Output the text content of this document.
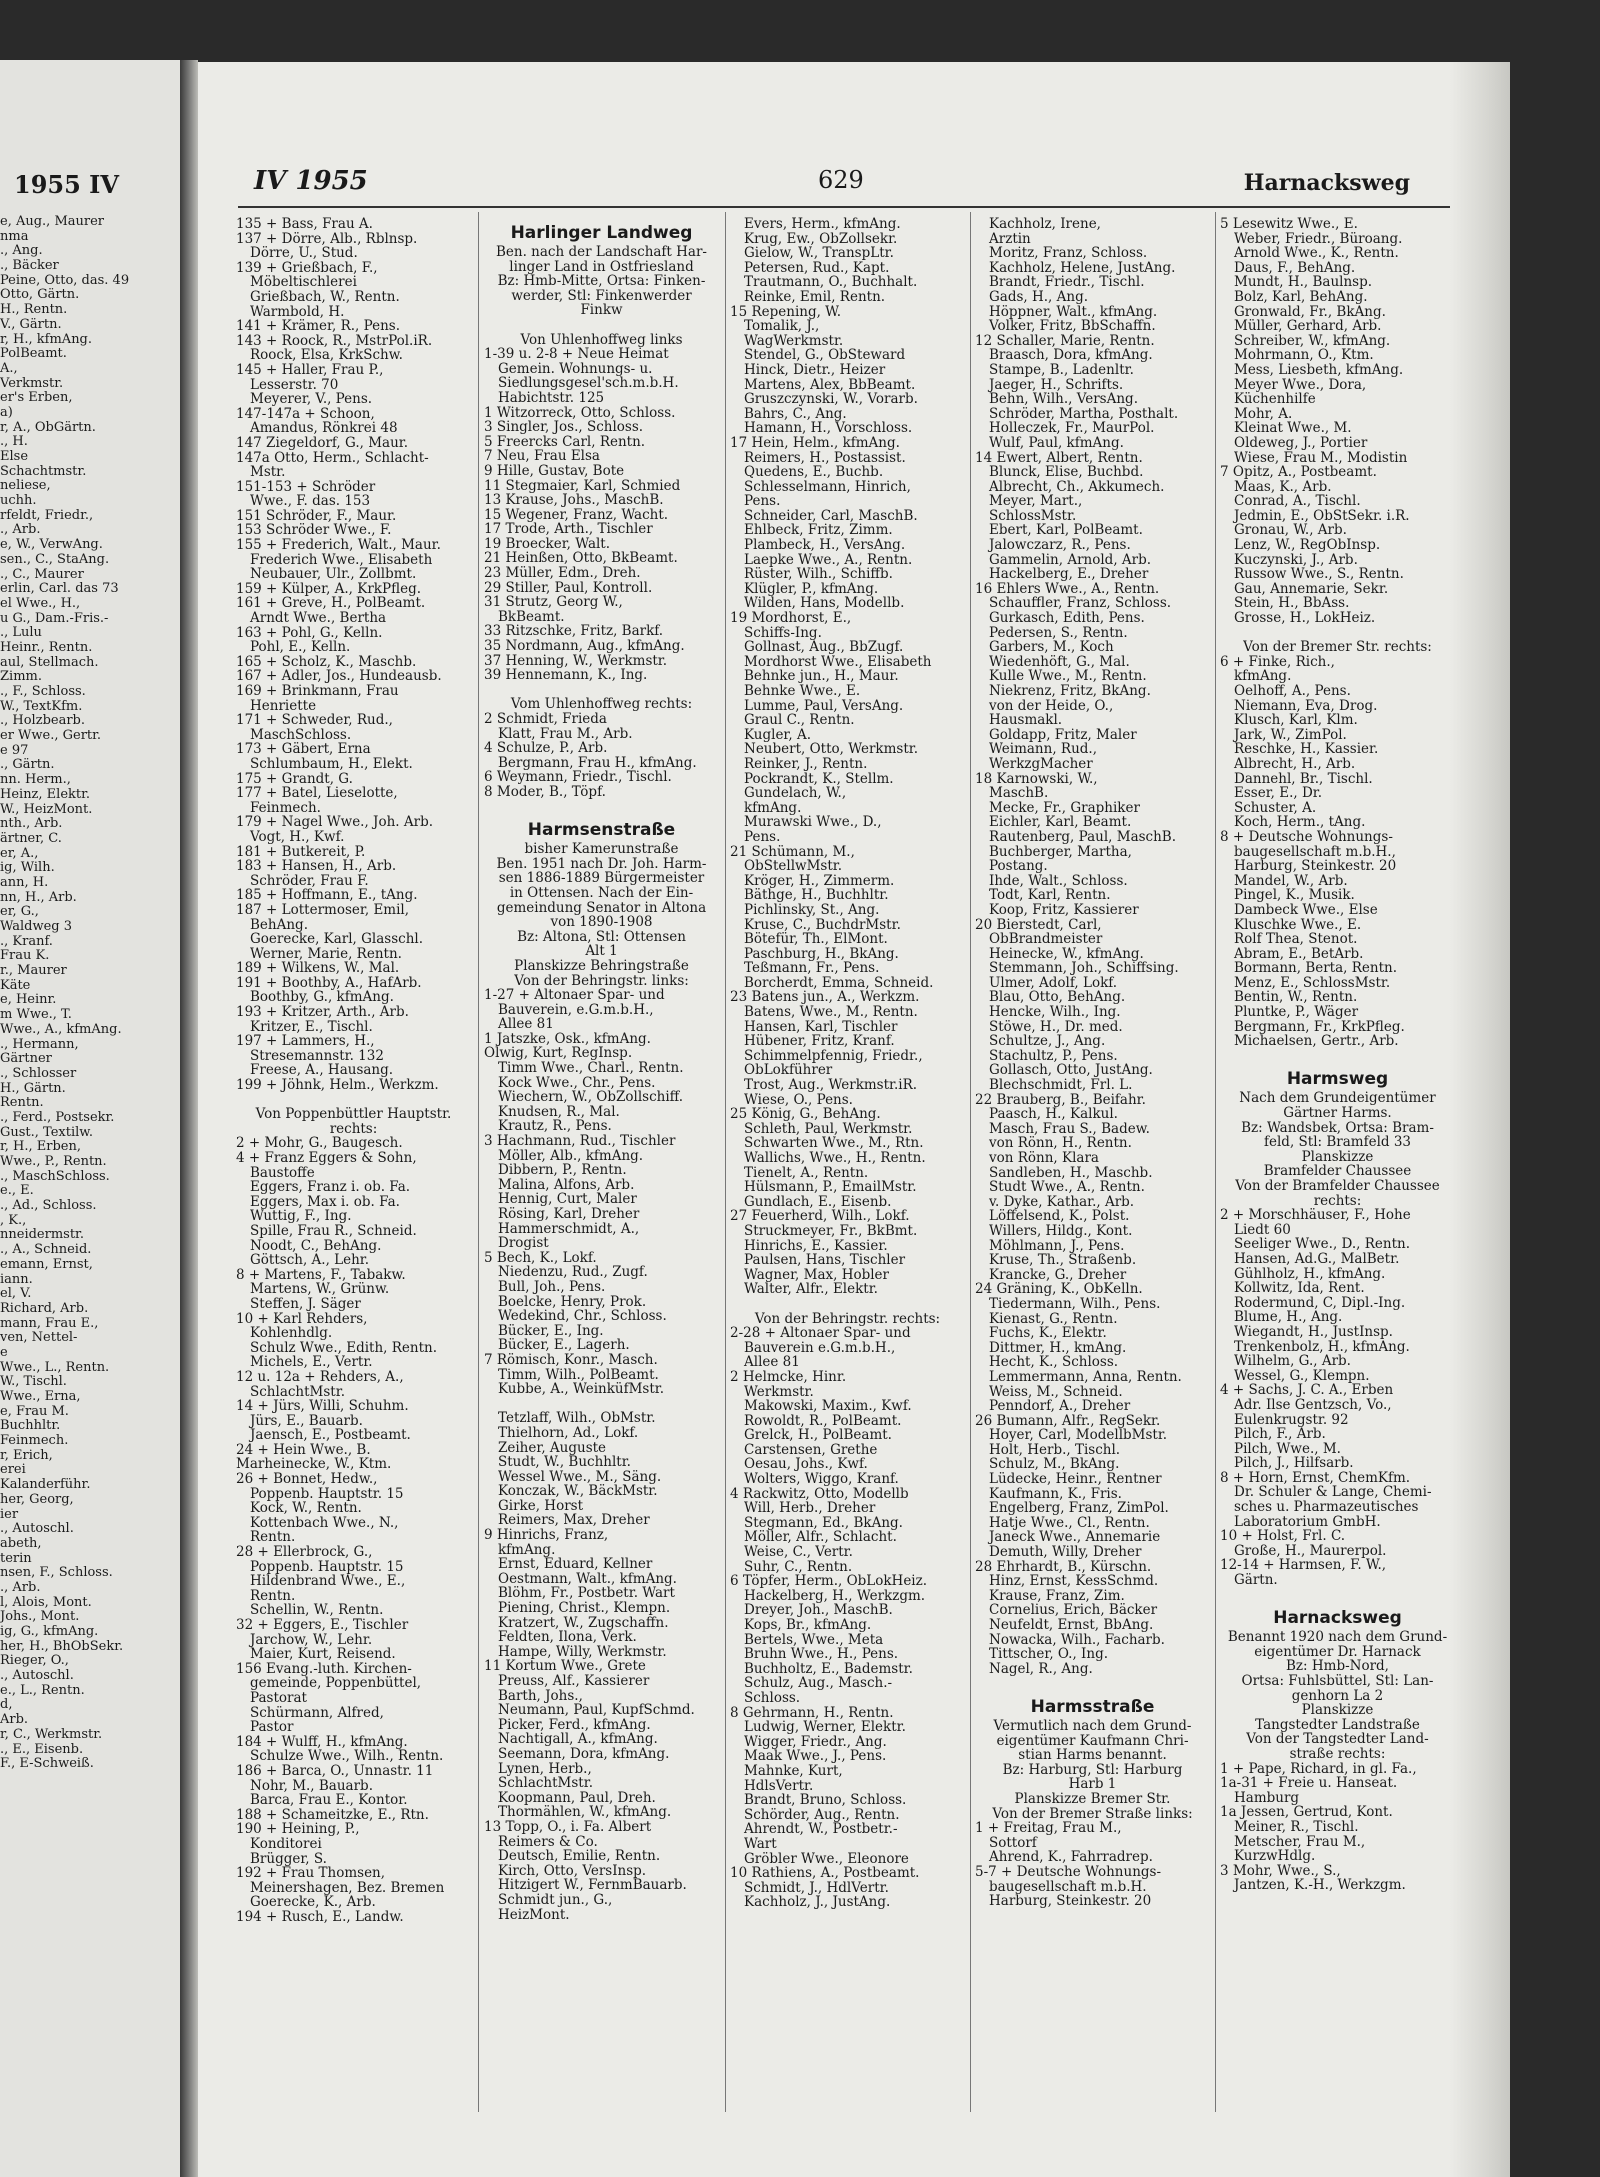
1955 IV
e, Aug., Maurer
nma
., Ang.
., Bäcker
Peine, Otto, das. 49
Otto, Gärtn.
H., Rentn.
V., Gärtn.
r, H., kfmAng.
PolBeamt.
A.,
Verkmstr.
er's Erben,
a)
r, A., ObGärtn.
., H.
Else
Schachtmstr.
neliese,
uchh.
rfeldt, Friedr.,
., Arb.
e, W., VerwAng.
sen., C., StaAng.
., C., Maurer
erlin, Carl. das 73
el Wwe., H.,
u G., Dam.-Fris.-
., Lulu
Heinr., Rentn.
aul, Stellmach.
Zimm.
., F., Schloss.
W., TextKfm.
., Holzbearb.
er Wwe., Gertr.
e 97
., Gärtn.
nn. Herm.,
Heinz, Elektr.
W., HeizMont.
nth., Arb.
ärtner, C.
er, A.,
ig, Wilh.
ann, H.
nn, H., Arb.
er, G.,
Waldweg 3
., Kranf.
Frau K.
r., Maurer
Käte
e, Heinr.
m Wwe., T.
Wwe., A., kfmAng.
., Hermann,
Gärtner
., Schlosser
H., Gärtn.
Rentn.
., Ferd., Postsekr.
Gust., Textilw.
r, H., Erben,
Wwe., P., Rentn.
., MaschSchloss.
e., E.
., Ad., Schloss.
, K.,
nneidermstr.
., A., Schneid.
emann, Ernst,
iann.
el, V.
Richard, Arb.
mann, Frau E.,
ven, Nettel-
e
Wwe., L., Rentn.
W., Tischl.
Wwe., Erna,
e, Frau M.
Buchhltr.
Feinmech.
r, Erich,
erei
Kalanderführ.
her, Georg,
ier
., Autoschl.
abeth,
terin
nsen, F., Schloss.
., Arb.
l, Alois, Mont.
Johs., Mont.
ig, G., kfmAng.
her, H., BhObSekr.
Rieger, O.,
., Autoschl.
e., L., Rentn.
d,
Arb.
r, C., Werkmstr.
., E., Eisenb.
F., E-Schweiß.
IV 1955	629	Harnacksweg
135 + Bass, Frau A.
137 + Dörre, Alb., Rblnsp.
Dörre, U., Stud.
139 + Grießbach, F.,
Möbeltischlerei
Grießbach, W., Rentn.
Warmbold, H.
141 + Krämer, R., Pens.
143 + Roock, R., MstrPol.iR.
Roock, Elsa, KrkSchw.
145 + Haller, Frau P.,
Lesserstr. 70
Meyerer, V., Pens.
147-147a + Schoon,
Amandus, Rönkrei 48
147 Ziegeldorf, G., Maur.
147a Otto, Herm., Schlacht-
Mstr.
151-153 + Schröder
Wwe., F. das. 153
151 Schröder, F., Maur.
153 Schröder Wwe., F.
155 + Frederich, Walt., Maur.
Frederich Wwe., Elisabeth
Neubauer, Ulr., Zollbmt.
159 + Külper, A., KrkPfleg.
161 + Greve, H., PolBeamt.
Arndt Wwe., Bertha
163 + Pohl, G., Kelln.
Pohl, E., Kelln.
165 + Scholz, K., Maschb.
167 + Adler, Jos., Hundeausb.
169 + Brinkmann, Frau
Henriette
171 + Schweder, Rud.,
MaschSchloss.
173 + Gäbert, Erna
Schlumbaum, H., Elekt.
175 + Grandt, G.
177 + Batel, Lieselotte,
Feinmech.
179 + Nagel Wwe., Joh. Arb.
Vogt, H., Kwf.
181 + Butkereit, P.
183 + Hansen, H., Arb.
Schröder, Frau F.
185 + Hoffmann, E., tAng.
187 + Lottermoser, Emil,
BehAng.
Goerecke, Karl, Glasschl.
Werner, Marie, Rentn.
189 + Wilkens, W., Mal.
191 + Boothby, A., HafArb.
Boothby, G., kfmAng.
193 + Kritzer, Arth., Arb.
Kritzer, E., Tischl.
197 + Lammers, H.,
Stresemannstr. 132
Freese, A., Hausang.
199 + Jöhnk, Helm., Werkzm.

Von Poppenbüttler Hauptstr.
rechts:
2 + Mohr, G., Baugesch.
4 + Franz Eggers & Sohn,
Baustoffe
Eggers, Franz i. ob. Fa.
Eggers, Max i. ob. Fa.
Wuttig, F., Ing.
Spille, Frau R., Schneid.
Noodt, C., BehAng.
Göttsch, A., Lehr.
8 + Martens, F., Tabakw.
Martens, W., Grünw.
Steffen, J. Säger
10 + Karl Rehders,
Kohlenhdlg.
Schulz Wwe., Edith, Rentn.
Michels, E., Vertr.
12 u. 12a + Rehders, A.,
SchlachtMstr.
14 + Jürs, Willi, Schuhm.
Jürs, E., Bauarb.
Jaensch, E., Postbeamt.
24 + Hein Wwe., B.
Marheinecke, W., Ktm.
26 + Bonnet, Hedw.,
Poppenb. Hauptstr. 15
Kock, W., Rentn.
Kottenbach Wwe., N.,
Rentn.
28 + Ellerbrock, G.,
Poppenb. Hauptstr. 15
Hildenbrand Wwe., E.,
Rentn.
Schellin, W., Rentn.
32 + Eggers, E., Tischler
Jarchow, W., Lehr.
Maier, Kurt, Reisend.
156 Evang.-luth. Kirchen-
gemeinde, Poppenbüttel,
Pastorat
Schürmann, Alfred,
Pastor
184 + Wulff, H., kfmAng.
Schulze Wwe., Wilh., Rentn.
186 + Barca, O., Unnastr. 11
Nohr, M., Bauarb.
Barca, Frau E., Kontor.
188 + Schameitzke, E., Rtn.
190 + Heining, P.,
Konditorei
Brügger, S.
192 + Frau Thomsen,
Meinershagen, Bez. Bremen
Goerecke, K., Arb.
194 + Rusch, E., Landw.
Harlinger Landweg
Ben. nach der Landschaft Har-
linger Land in Ostfriesland
Bz: Hmb-Mitte, Ortsa: Finken-
werder, Stl: Finkenwerder
Finkw

Von Uhlenhoffweg links
1-39 u. 2-8 + Neue Heimat
Gemein. Wohnungs- u.
Siedlungsgesel'sch.m.b.H.
Habichtstr. 125
1 Witzorreck, Otto, Schloss.
3 Singler, Jos., Schloss.
5 Freercks Carl, Rentn.
7 Neu, Frau Elsa
9 Hille, Gustav, Bote
11 Stegmaier, Karl, Schmied
13 Krause, Johs., MaschB.
15 Wegener, Franz, Wacht.
17 Trode, Arth., Tischler
19 Broecker, Walt.
21 Heinßen, Otto, BkBeamt.
23 Müller, Edm., Dreh.
29 Stiller, Paul, Kontroll.
31 Strutz, Georg W.,
BkBeamt.
33 Ritzschke, Fritz, Barkf.
35 Nordmann, Aug., kfmAng.
37 Henning, W., Werkmstr.
39 Hennemann, K., Ing.

Vom Uhlenhoffweg rechts:
2 Schmidt, Frieda
Klatt, Frau M., Arb.
4 Schulze, P., Arb.
Bergmann, Frau H., kfmAng.
6 Weymann, Friedr., Tischl.
8 Moder, B., Töpf.

Harmsenstraße
bisher Kamerunstraße
Ben. 1951 nach Dr. Joh. Harm-
sen 1886-1889 Bürgermeister
in Ottensen. Nach der Ein-
gemeindung Senator in Altona
von 1890-1908
Bz: Altona, Stl: Ottensen
Alt 1
Planskizze Behringstraße
Von der Behringstr. links:
1-27 + Altonaer Spar- und
Bauverein, e.G.m.b.H.,
Allee 81
1 Jatszke, Osk., kfmAng.
Olwig, Kurt, RegInsp.
Timm Wwe., Charl., Rentn.
Kock Wwe., Chr., Pens.
Wiechern, W., ObZollschiff.
Knudsen, R., Mal.
Krautz, R., Pens.
3 Hachmann, Rud., Tischler
Möller, Alb., kfmAng.
Dibbern, P., Rentn.
Malina, Alfons, Arb.
Hennig, Curt, Maler
Rösing, Karl, Dreher
Hammerschmidt, A.,
Drogist
5 Bech, K., Lokf.
Niedenzu, Rud., Zugf.
Bull, Joh., Pens.
Boelcke, Henry, Prok.
Wedekind, Chr., Schloss.
Bücker, E., Ing.
Bücker, E., Lagerh.
7 Römisch, Konr., Masch.
Timm, Wilh., PolBeamt.
Kubbe, A., WeinküfMstr.

Tetzlaff, Wilh., ObMstr.
Thielhorn, Ad., Lokf.
Zeiher, Auguste
Studt, W., Buchhltr.
Wessel Wwe., M., Säng.
Konczak, W., BäckMstr.
Girke, Horst
Reimers, Max, Dreher
9 Hinrichs, Franz,
kfmAng.
Ernst, Eduard, Kellner
Oestmann, Walt., kfmAng.
Blöhm, Fr., Postbetr. Wart
Piening, Christ., Klempn.
Kratzert, W., Zugschaffn.
Feldten, Ilona, Verk.
Hampe, Willy, Werkmstr.
11 Kortum Wwe., Grete
Preuss, Alf., Kassierer
Barth, Johs.,
Neumann, Paul, KupfSchmd.
Picker, Ferd., kfmAng.
Nachtigall, A., kfmAng.
Seemann, Dora, kfmAng.
Lynen, Herb.,
SchlachtMstr.
Koopmann, Paul, Dreh.
Thormählen, W., kfmAng.
13 Topp, O., i. Fa. Albert
Reimers & Co.
Deutsch, Emilie, Rentn.
Kirch, Otto, VersInsp.
Hitzigert W., FernmBauarb.
Schmidt jun., G.,
HeizMont.
Evers, Herm., kfmAng.
Krug, Ew., ObZollsekr.
Gielow, W., TranspLtr.
Petersen, Rud., Kapt.
Trautmann, O., Buchhalt.
Reinke, Emil, Rentn.
15 Repening, W.
Tomalik, J.,
WagWerkmstr.
Stendel, G., ObSteward
Hinck, Dietr., Heizer
Martens, Alex, BbBeamt.
Gruszczynski, W., Vorarb.
Bahrs, C., Ang.
Hamann, H., Vorschloss.
17 Hein, Helm., kfmAng.
Reimers, H., Postassist.
Quedens, E., Buchb.
Schlesselmann, Hinrich,
Pens.
Schneider, Carl, MaschB.
Ehlbeck, Fritz, Zimm.
Plambeck, H., VersAng.
Laepke Wwe., A., Rentn.
Rüster, Wilh., Schiffb.
Klügler, P., kfmAng.
Wilden, Hans, Modellb.
19 Mordhorst, E.,
Schiffs-Ing.
Gollnast, Aug., BbZugf.
Mordhorst Wwe., Elisabeth
Behnke jun., H., Maur.
Behnke Wwe., E.
Lumme, Paul, VersAng.
Graul C., Rentn.
Kugler, A.
Neubert, Otto, Werkmstr.
Reinker, J., Rentn.
Pockrandt, K., Stellm.
Gundelach, W.,
kfmAng.
Murawski Wwe., D.,
Pens.
21 Schümann, M.,
ObStellwMstr.
Kröger, H., Zimmerm.
Bäthge, H., Buchhltr.
Pichlinsky, St., Ang.
Kruse, C., BuchdrMstr.
Bötefür, Th., ElMont.
Paschburg, H., BkAng.
Teßmann, Fr., Pens.
Borcherdt, Emma, Schneid.
23 Batens jun., A., Werkzm.
Batens, Wwe., M., Rentn.
Hansen, Karl, Tischler
Hübener, Fritz, Kranf.
Schimmelpfennig, Friedr.,
ObLokführer
Trost, Aug., Werkmstr.iR.
Wiese, O., Pens.
25 König, G., BehAng.
Schleth, Paul, Werkmstr.
Schwarten Wwe., M., Rtn.
Wallichs, Wwe., H., Rentn.
Tienelt, A., Rentn.
Hülsmann, P., EmailMstr.
Gundlach, E., Eisenb.
27 Feuerherd, Wilh., Lokf.
Struckmeyer, Fr., BkBmt.
Hinrichs, E., Kassier.
Paulsen, Hans, Tischler
Wagner, Max, Hobler
Walter, Alfr., Elektr.

Von der Behringstr. rechts:
2-28 + Altonaer Spar- und
Bauverein e.G.m.b.H.,
Allee 81
2 Helmcke, Hinr.
Werkmstr.
Makowski, Maxim., Kwf.
Rowoldt, R., PolBeamt.
Grelck, H., PolBeamt.
Carstensen, Grethe
Oesau, Johs., Kwf.
Wolters, Wiggo, Kranf.
4 Rackwitz, Otto, Modellb
Will, Herb., Dreher
Stegmann, Ed., BkAng.
Möller, Alfr., Schlacht.
Weise, C., Vertr.
Suhr, C., Rentn.
6 Töpfer, Herm., ObLokHeiz.
Hackelberg, H., Werkzgm.
Dreyer, Joh., MaschB.
Kops, Br., kfmAng.
Bertels, Wwe., Meta
Bruhn Wwe., H., Pens.
Buchholtz, E., Bademstr.
Schulz, Aug., Masch.-
Schloss.
8 Gehrmann, H., Rentn.
Ludwig, Werner, Elektr.
Wigger, Friedr., Ang.
Maak Wwe., J., Pens.
Mahnke, Kurt,
HdlsVertr.
Brandt, Bruno, Schloss.
Schörder, Aug., Rentn.
Ahrendt, W., Postbetr.-
Wart
Gröbler Wwe., Eleonore
10 Rathiens, A., Postbeamt.
Schmidt, J., HdlVertr.
Kachholz, J., JustAng.
Kachholz, Irene,
Ärztin
Moritz, Franz, Schloss.
Kachholz, Helene, JustAng.
Brandt, Friedr., Tischl.
Gads, H., Ang.
Höppner, Walt., kfmAng.
Volker, Fritz, BbSchaffn.
12 Schaller, Marie, Rentn.
Braasch, Dora, kfmAng.
Stampe, B., Ladenltr.
Jaeger, H., Schrifts.
Behn, Wilh., VersAng.
Schröder, Martha, Posthalt.
Holleczek, Fr., MaurPol.
Wulf, Paul, kfmAng.
14 Ewert, Albert, Rentn.
Blunck, Elise, Buchbd.
Albrecht, Ch., Akkumech.
Meyer, Mart.,
SchlossMstr.
Ebert, Karl, PolBeamt.
Jalowczarz, R., Pens.
Gammelin, Arnold, Arb.
Hackelberg, E., Dreher
16 Ehlers Wwe., A., Rentn.
Schauffler, Franz, Schloss.
Gurkasch, Edith, Pens.
Pedersen, S., Rentn.
Garbers, M., Koch
Wiedenhöft, G., Mal.
Kulle Wwe., M., Rentn.
Niekrenz, Fritz, BkAng.
von der Heide, O.,
Hausmakl.
Goldapp, Fritz, Maler
Weimann, Rud.,
WerkzgMacher
18 Karnowski, W.,
MaschB.
Mecke, Fr., Graphiker
Eichler, Karl, Beamt.
Rautenberg, Paul, MaschB.
Buchberger, Martha,
Postang.
Ihde, Walt., Schloss.
Todt, Karl, Rentn.
Koop, Fritz, Kassierer
20 Bierstedt, Carl,
ObBrandmeister
Heinecke, W., kfmAng.
Stemmann, Joh., Schiffsing.
Ulmer, Adolf, Lokf.
Blau, Otto, BehAng.
Hencke, Wilh., Ing.
Stöwe, H., Dr. med.
Schultze, J., Ang.
Stachultz, P., Pens.
Gollasch, Otto, JustAng.
Blechschmidt, Frl. L.
22 Brauberg, B., Beifahr.
Paasch, H., Kalkul.
Masch, Frau S., Badew.
von Rönn, H., Rentn.
von Rönn, Klara
Sandleben, H., Maschb.
Studt Wwe., A., Rentn.
v. Dyke, Kathar., Arb.
Löffelsend, K., Polst.
Willers, Hildg., Kont.
Möhlmann, J., Pens.
Kruse, Th., Straßenb.
Krancke, G., Dreher
24 Gräning, K., ObKelln.
Tiedermann, Wilh., Pens.
Kienast, G., Rentn.
Fuchs, K., Elektr.
Dittmer, H., kmAng.
Hecht, K., Schloss.
Lemmermann, Anna, Rentn.
Weiss, M., Schneid.
Penndorf, A., Dreher
26 Bumann, Alfr., RegSekr.
Hoyer, Carl, ModellbMstr.
Holt, Herb., Tischl.
Schulz, M., BkAng.
Lüdecke, Heinr., Rentner
Kaufmann, K., Fris.
Engelberg, Franz, ZimPol.
Hatje Wwe., Cl., Rentn.
Janeck Wwe., Annemarie
Demuth, Willy, Dreher
28 Ehrhardt, B., Kürschn.
Hinz, Ernst, KessSchmd.
Krause, Franz, Zim.
Cornelius, Erich, Bäcker
Neufeldt, Ernst, BbAng.
Nowacka, Wilh., Facharb.
Tittscher, O., Ing.
Nagel, R., Ang.

Harmsstraße
Vermutlich nach dem Grund-
eigentümer Kaufmann Chri-
stian Harms benannt.
Bz: Harburg, Stl: Harburg
Harb 1
Planskizze Bremer Str.
Von der Bremer Straße links:
1 + Freitag, Frau M.,
Sottorf
Ahrend, K., Fahrradrep.
5-7 + Deutsche Wohnungs-
baugesellschaft m.b.H.
Harburg, Steinkestr. 20
5 Lesewitz Wwe., E.
Weber, Friedr., Büroang.
Arnold Wwe., K., Rentn.
Daus, F., BehAng.
Mundt, H., Baulnsp.
Bolz, Karl, BehAng.
Gronwald, Fr., BkAng.
Müller, Gerhard, Arb.
Schreiber, W., kfmAng.
Mohrmann, O., Ktm.
Mess, Liesbeth, kfmAng.
Meyer Wwe., Dora,
Küchenhilfe
Mohr, A.
Kleinat Wwe., M.
Oldeweg, J., Portier
Wiese, Frau M., Modistin
7 Opitz, A., Postbeamt.
Maas, K., Arb.
Conrad, A., Tischl.
Jedmin, E., ObStSekr. i.R.
Gronau, W., Arb.
Lenz, W., RegObInsp.
Kuczynski, J., Arb.
Russow Wwe., S., Rentn.
Gau, Annemarie, Sekr.
Stein, H., BbAss.
Grosse, H., LokHeiz.

Von der Bremer Str. rechts:
6 + Finke, Rich.,
kfmAng.
Oelhoff, A., Pens.
Niemann, Eva, Drog.
Klusch, Karl, Klm.
Jark, W., ZimPol.
Reschke, H., Kassier.
Albrecht, H., Arb.
Dannehl, Br., Tischl.
Esser, E., Dr.
Schuster, A.
Koch, Herm., tAng.
8 + Deutsche Wohnungs-
baugesellschaft m.b.H.,
Harburg, Steinkestr. 20
Mandel, W., Arb.
Pingel, K., Musik.
Dambeck Wwe., Else
Kluschke Wwe., E.
Rolf Thea, Stenot.
Abram, E., BetArb.
Bormann, Berta, Rentn.
Menz, E., SchlossMstr.
Bentin, W., Rentn.
Pluntke, P., Wäger
Bergmann, Fr., KrkPfleg.
Michaelsen, Gertr., Arb.

Harmsweg
Nach dem Grundeigentümer
Gärtner Harms.
Bz: Wandsbek, Ortsa: Bram-
feld, Stl: Bramfeld 33
Planskizze
Bramfelder Chaussee
Von der Bramfelder Chaussee
rechts:
2 + Morschhäuser, F., Hohe
Liedt 60
Seeliger Wwe., D., Rentn.
Hansen, Ad.G., MalBetr.
Gühlholz, H., kfmAng.
Kollwitz, Ida, Rent.
Rodermund, C, Dipl.-Ing.
Blume, H., Ang.
Wiegandt, H., JustInsp.
Trenkenbolz, H., kfmAng.
Wilhelm, G., Arb.
Wessel, G., Klempn.
4 + Sachs, J. C. A., Erben
Adr. Ilse Gentzsch, Vo.,
Eulenkrugstr. 92
Pilch, F., Arb.
Pilch, Wwe., M.
Pilch, J., Hilfsarb.
8 + Horn, Ernst, ChemKfm.
Dr. Schuler & Lange, Chemi-
sches u. Pharmazeutisches
Laboratorium GmbH.
10 + Holst, Frl. C.
Große, H., Maurerpol.
12-14 + Harmsen, F. W.,
Gärtn.

Harnacksweg
Benannt 1920 nach dem Grund-
eigentümer Dr. Harnack
Bz: Hmb-Nord,
Ortsa: Fuhlsbüttel, Stl: Lan-
genhorn La 2
Planskizze
Tangstedter Landstraße
Von der Tangstedter Land-
straße rechts:
1 + Pape, Richard, in gl. Fa.,
1a-31 + Freie u. Hanseat.
Hamburg
1a Jessen, Gertrud, Kont.
Meiner, R., Tischl.
Metscher, Frau M.,
KurzwHdlg.
3 Mohr, Wwe., S.,
Jantzen, K.-H., Werkzgm.
